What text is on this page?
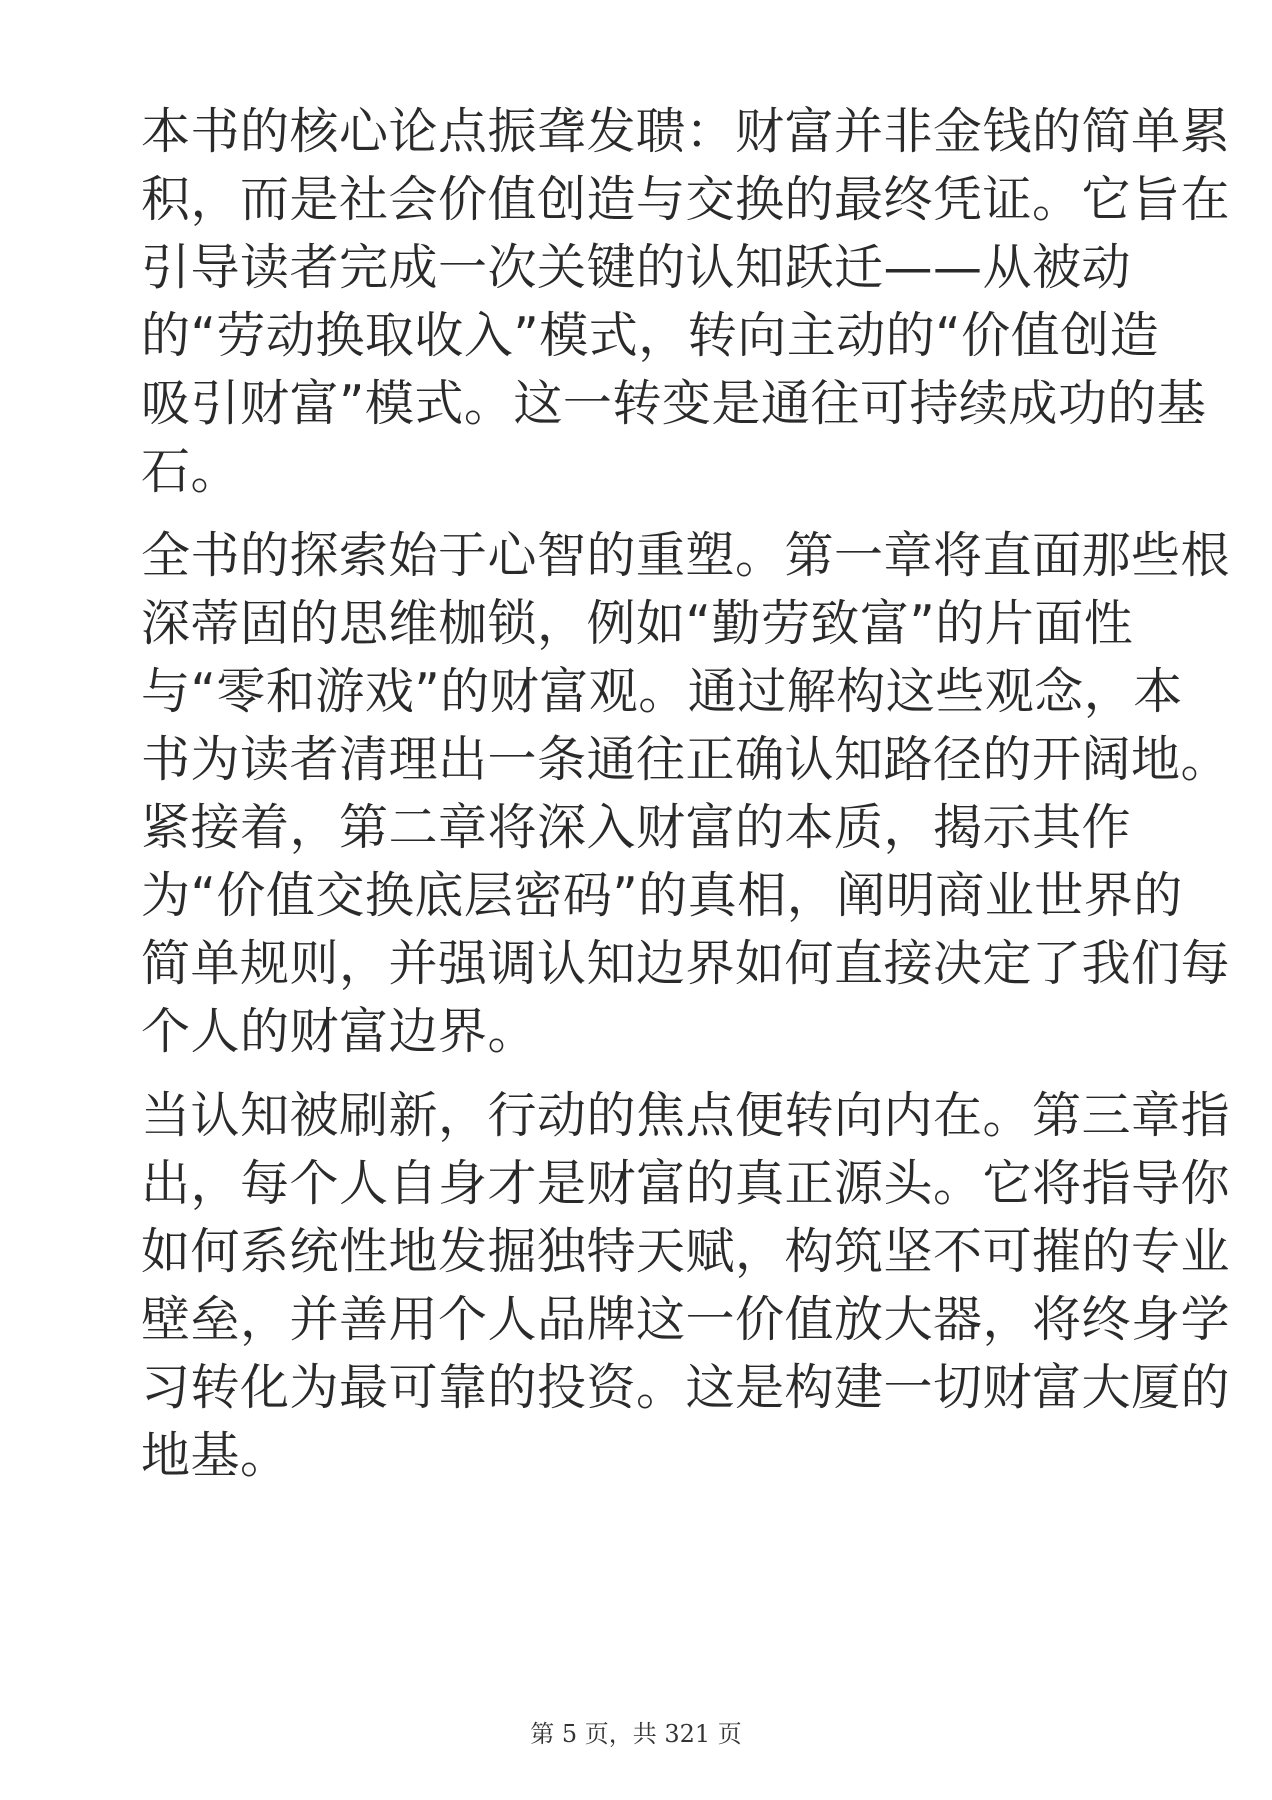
本书的核心论点振聋发聩：财富并非金钱的简单累
积，而是社会价值创造与交换的最终凭证。它旨在
引导读者完成一次关键的认知跃迁——从被动
的“劳动换取收入”模式，转向主动的“价值创造
吸引财富”模式。这一转变是通往可持续成功的基
石。
全书的探索始于心智的重塑。第一章将直面那些根
深蒂固的思维枷锁，例如“勤劳致富”的片面性
与“零和游戏”的财富观。通过解构这些观念，本
书为读者清理出一条通往正确认知路径的开阔地。
紧接着，第二章将深入财富的本质，揭示其作
为“价值交换底层密码”的真相，阐明商业世界的
简单规则，并强调认知边界如何直接决定了我们每
个人的财富边界。
当认知被刷新，行动的焦点便转向内在。第三章指
出，每个人自身才是财富的真正源头。它将指导你
如何系统性地发掘独特天赋，构筑坚不可摧的专业
壁垒，并善用个人品牌这一价值放大器，将终身学
习转化为最可靠的投资。这是构建一切财富大厦的
地基。
第 5 页，共 321 页
